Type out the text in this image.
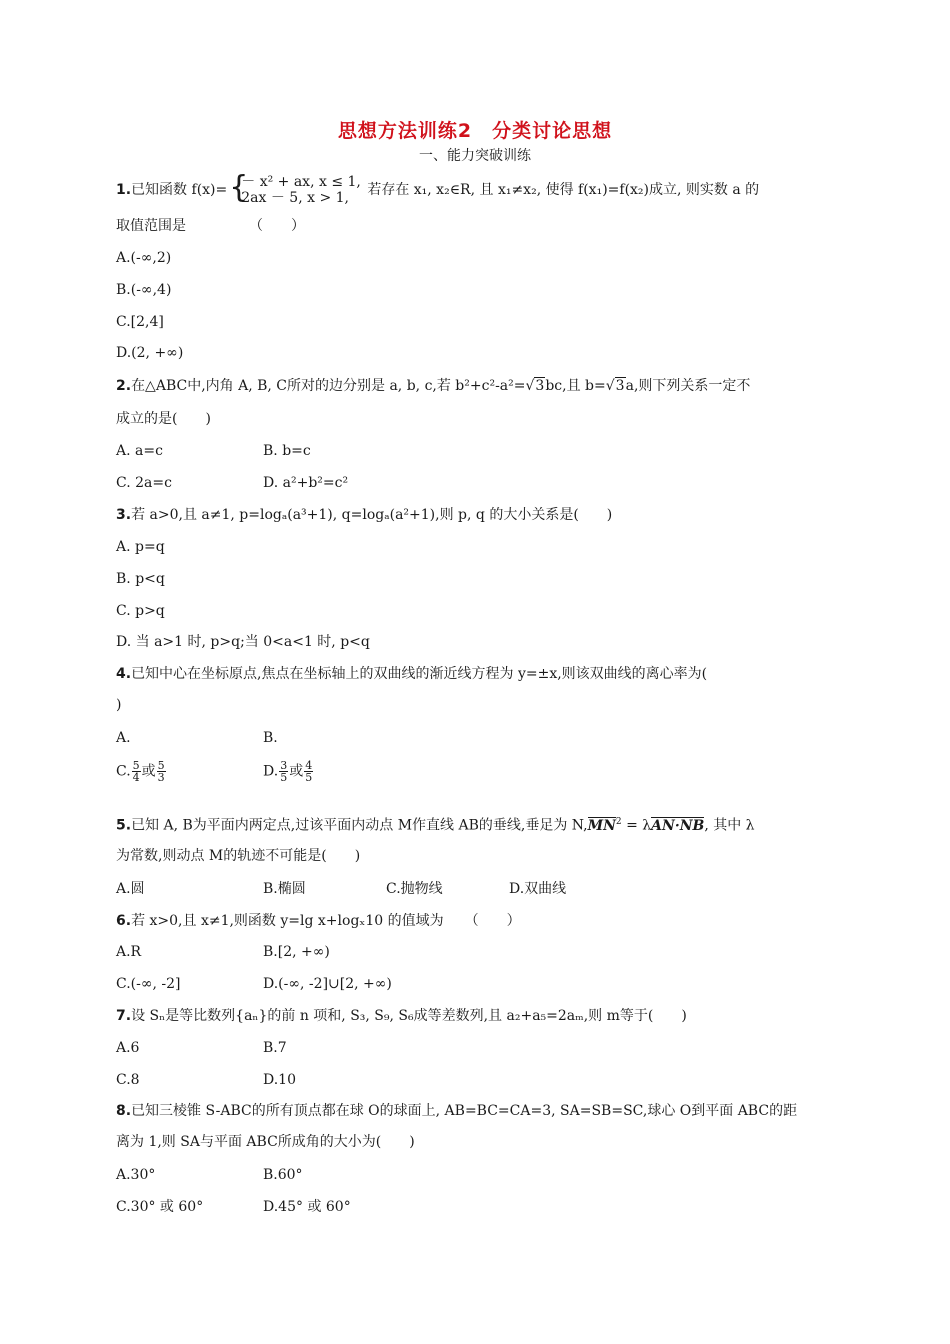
思想方法训练2　分类讨论思想
一、能力突破训练
1.已知函数 f(x)= {
－ x² + ax, x ≤ 1,
2ax － 5, x > 1, 若存在 x₁, x₂∈R, 且 x₁≠x₂, 使得 f(x₁)=f(x₂)成立, 则实数 a 的
取值范围是　　　　　（　　）
A.(-∞,2)
B.(-∞,4)
C.[2,4]
D.(2, +∞)
2.在△ABC中,内角 A, B, C所对的边分别是 a, b, c,若 b²+c²-a²=√3bc,且 b=√3a,则下列关系一定不
成立的是(　　)
A. a=c	B. b=c
C. 2a=c	D. a²+b²=c²
3.若 a>0,且 a≠1, p=logₐ(a³+1), q=logₐ(a²+1),则 p, q 的大小关系是(　　)
A. p=q
B. p<q
C. p>q
D. 当 a>1 时, p>q;当 0<a<1 时, p<q
4.已知中心在坐标原点,焦点在坐标轴上的双曲线的渐近线方程为 y=±x,则该双曲线的离心率为(
)
A.	B.
C. $\frac{5}{4}$ 或 $\frac{5}{3}$	D. $\frac{3}{5}$ 或 $\frac{4}{5}$
5.已知 A, B为平面内两定点,过该平面内动点 M作直线 AB的垂线,垂足为 $N,MN^2 = \lambda AN\cdot NB$, 其中 λ
为常数,则动点 M的轨迹不可能是(　　)
A.圆	B.椭圆	C.抛物线	D.双曲线
6.若 x>0,且 x≠1,则函数 y=lg x+logₓ10 的值域为　　（　　）
A.R	B.[2, +∞)
C.(-∞, -2]	D.(-∞, -2]∪[2, +∞)
7.设 Sₙ是等比数列{aₙ}的前 n 项和, S₃, S₉, S₆成等差数列,且 a₂+a₅=2aₘ,则 m等于(　　)
A.6	B.7
C.8	D.10
8.已知三棱锥 S-ABC的所有顶点都在球 O的球面上, AB=BC=CA=3, SA=SB=SC,球心 O到平面 ABC的距
离为 1,则 SA与平面 ABC所成角的大小为(　　)
A.30°	B.60°
C.30° 或 60°	D.45° 或 60°
